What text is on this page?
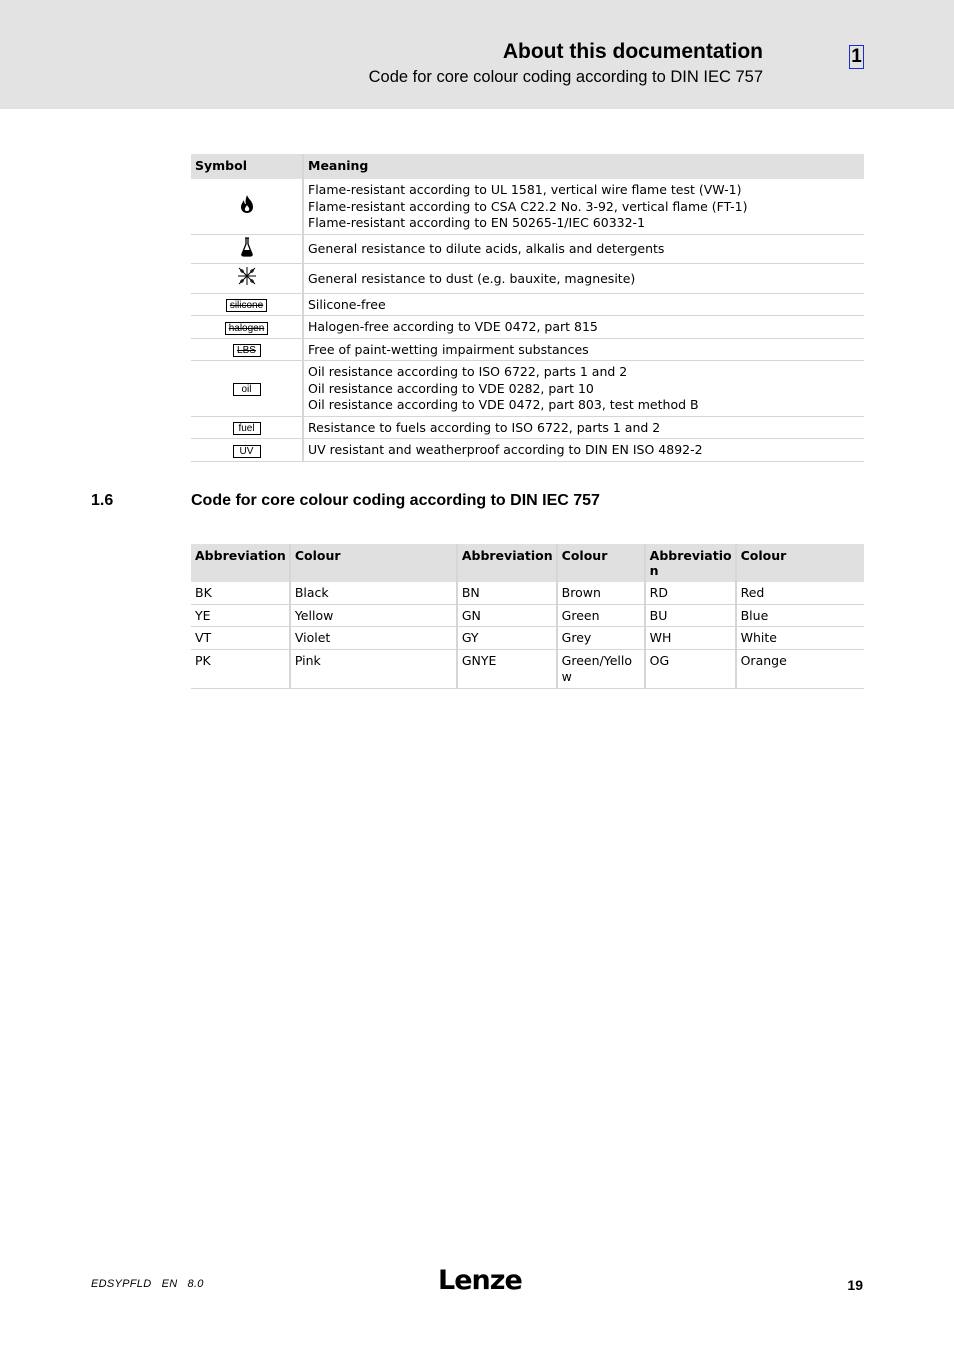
About this documentation
Code for core colour coding according to DIN IEC 757
1
Symbol	Meaning

Flame-resistant according to UL 1581, vertical wire flame test (VW-1)
Flame-resistant according to CSA C22.2 No. 3-92, vertical flame (FT-1)
Flame-resistant according to EN 50265-1/IEC 60332-1

General resistance to dilute acids, alkalis and detergents

General resistance to dust (e.g. bauxite, magnesite)

silicone	Silicone-free

halogen	Halogen-free according to VDE 0472, part 815

LBS	Free of paint-wetting impairment substances

oil	Oil resistance according to ISO 6722, parts 1 and 2
Oil resistance according to VDE 0282, part 10
Oil resistance according to VDE 0472, part 803, test method B

fuel	Resistance to fuels according to ISO 6722, parts 1 and 2

UV	UV resistant and weatherproof according to DIN EN ISO 4892-2
1.6	Code for core colour coding according to DIN IEC 757
Abbreviation	Colour	Abbreviation	Colour	Abbreviatio n	Colour
BK	Black	BN	Brown	RD	Red
YE	Yellow	GN	Green	BU	Blue
VT	Violet	GY	Grey	WH	White
PK	Pink	GNYE	Green/Yello w	OG	Orange
EDSYPFLD EN 8.0	Lenze	19
